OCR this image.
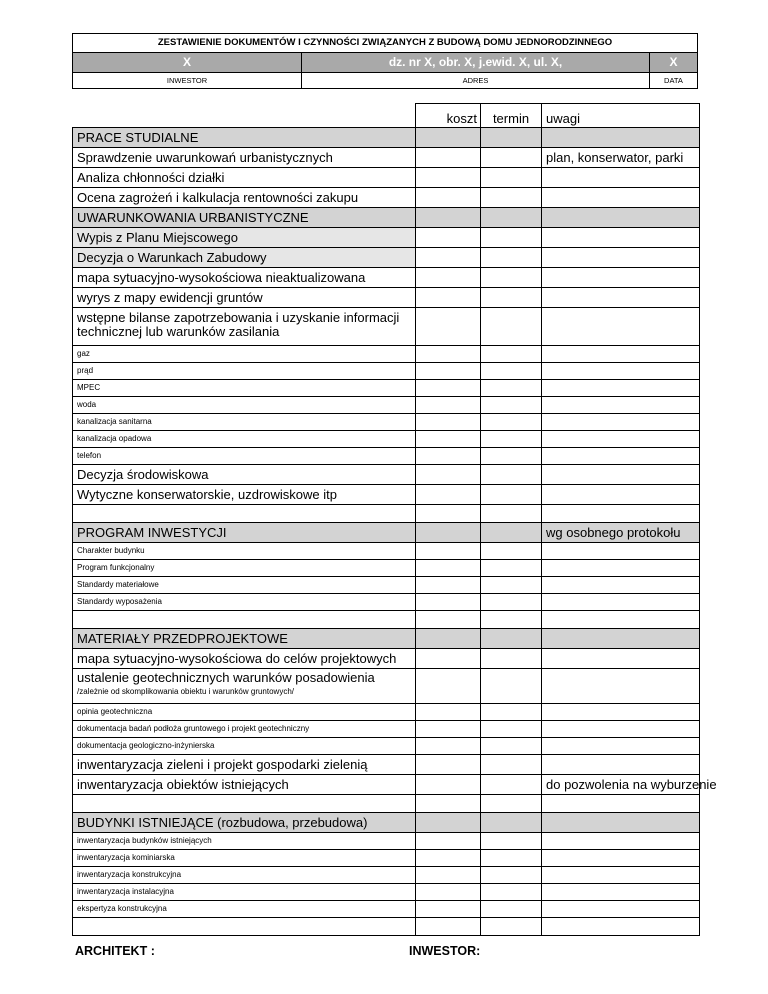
ZESTAWIENIE DOKUMENTÓW I CZYNNOŚCI ZWIĄZANYCH Z BUDOWĄ DOMU JEDNORODZINNEGO
X	dz. nr X, obr. X, j.ewid. X, ul. X,	X
INWESTOR	ADRES	DATA
	koszt	termin	uwagi
PRACE STUDIALNE			
Sprawdzenie uwarunkowań urbanistycznych			plan, konserwator, parki
Analiza chłonności działki			
Ocena zagrożeń i kalkulacja rentowności zakupu			
UWARUNKOWANIA URBANISTYCZNE			
Wypis z Planu Miejscowego			
Decyzja o Warunkach Zabudowy			
mapa sytuacyjno-wysokościowa nieaktualizowana			
wyrys z mapy ewidencji gruntów			

wstępne bilanse zapotrzebowania i uzyskanie informacji
technicznej lub warunków zasilania			

gaz			
prąd			
MPEC			
woda			
kanalizacja sanitarna			
kanalizacja opadowa			
telefon			
Decyzja środowiskowa			
Wytyczne konserwatorskie, uzdrowiskowe itp			

PROGRAM INWESTYCJI			wg osobnego protokołu
Charakter budynku			
Program funkcjonalny			
Standardy materiałowe			
Standardy wyposażenia			

MATERIAŁY PRZEDPROJEKTOWE			
mapa sytuacyjno-wysokościowa do celów projektowych			

ustalenie geotechnicznych warunków posadowienia
/zależnie od skomplikowania obiektu i warunków gruntowych/			

opinia geotechniczna			
dokumentacja badań podłoża gruntowego i projekt geotechniczny			
dokumentacja geologiczno-inżynierska			
inwentaryzacja zieleni i projekt gospodarki zielenią			
inwentaryzacja obiektów istniejących			do pozwolenia na wyburzenie

BUDYNKI ISTNIEJĄCE (rozbudowa, przebudowa)			
inwentaryzacja budynków istniejących			
inwentaryzacja kominiarska			
inwentaryzacja konstrukcyjna			
inwentaryzacja instalacyjna			
ekspertyza konstrukcyjna			

ARCHITEKT :	INWESTOR:
